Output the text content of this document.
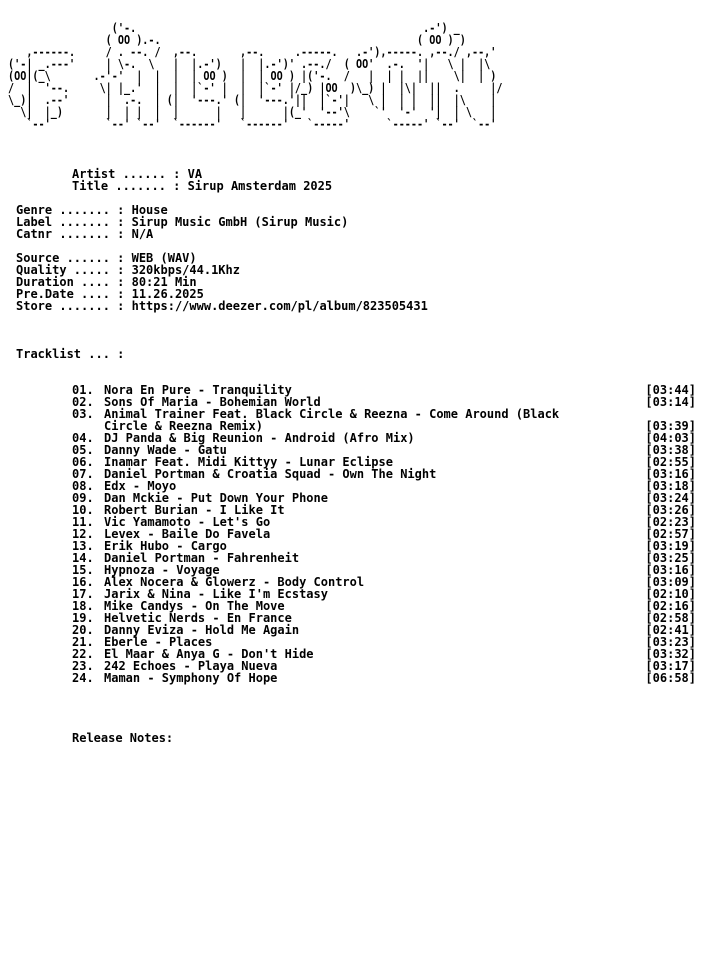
('-.                                               .-') _
( OO ).-.                                          ( OO ) )
,------.     / . --. /  ,--.       ,--.     .-----.   .-'),-----. ,--./ ,--,'
('-| _.---'     | \-.  \   |  |.-')   |  |.-')' .--./  ( OO'  .-.  '|   \ |  |\
(OO|(_\       .-'-'  |  |  |  | OO )  |  | OO ) |('-.  /   |  | |  ||    \|  | )
/  |  '--.     \| |_.'  |  |  |`-' |  |  |`-' |/_) |OO  )\_) |  |\|  ||  .     |/
\_)|  .--'      |  .-.  | (|  '---.' (|  '---.'||  |`-'|   \ |  | |  ||  |\    |
\|  |_)       |  | |  |  |      |   |      |(_'  '--'\    `'  '-'  '|  | \   |
`--'         `--' `--'  `------'   `------'   `-----'      `-----' `--'  `--'
Artist ...... : VA
Title ....... : Sirup Amsterdam 2025
Genre ....... : House
Label ....... : Sirup Music GmbH (Sirup Music)
Catnr ....... : N/A
Source ...... : WEB (WAV)
Quality ..... : 320kbps/44.1Khz
Duration .... : 80:21 Min
Pre.Date .... : 11.26.2025
Store ....... : https://www.deezer.com/pl/album/823505431
Tracklist ... :
01. Nora En Pure - Tranquility	[03:44]
02. Sons Of Maria - Bohemian World	[03:14]
03. Animal Trainer Feat. Black Circle & Reezna - Come Around (Black
Circle & Reezna Remix)	[03:39]
04. DJ Panda & Big Reunion - Android (Afro Mix)	[04:03]
05. Danny Wade - Gatu	[03:38]
06. Inamar Feat. Midi Kittyy - Lunar Eclipse	[02:55]
07. Daniel Portman & Croatia Squad - Own The Night	[03:16]
08. Edx - Moyo	[03:18]
09. Dan Mckie - Put Down Your Phone	[03:24]
10. Robert Burian - I Like It	[03:26]
11. Vic Yamamoto - Let's Go	[02:23]
12. Levex - Baile Do Favela	[02:57]
13. Erik Hubo - Cargo	[03:19]
14. Daniel Portman - Fahrenheit	[03:25]
15. Hypnoza - Voyage	[03:16]
16. Alex Nocera & Glowerz - Body Control	[03:09]
17. Jarix & Nina - Like I'm Ecstasy	[02:10]
18. Mike Candys - On The Move	[02:16]
19. Helvetic Nerds - En France	[02:58]
20. Danny Eviza - Hold Me Again	[02:41]
21. Eberle - Places	[03:23]
22. El Maar & Anya G - Don't Hide	[03:32]
23. 242 Echoes - Playa Nueva	[03:17]
24. Maman - Symphony Of Hope	[06:58]
Release Notes:
